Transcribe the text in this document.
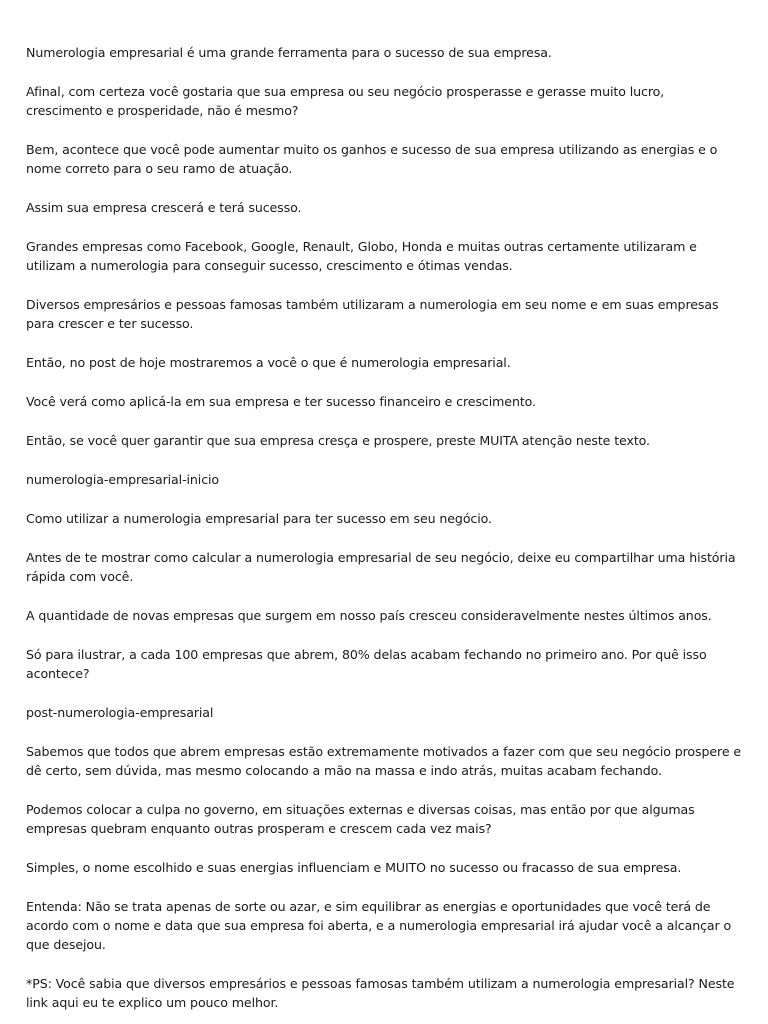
Numerologia empresarial é uma grande ferramenta para o sucesso de sua empresa.

Afinal, com certeza você gostaria que sua empresa ou seu negócio prosperasse e gerasse muito lucro, crescimento e prosperidade, não é mesmo?

Bem, acontece que você pode aumentar muito os ganhos e sucesso de sua empresa utilizando as energias e o nome correto para o seu ramo de atuação.

Assim sua empresa crescerá e terá sucesso.

Grandes empresas como Facebook, Google, Renault, Globo, Honda e muitas outras certamente utilizaram e utilizam a numerologia para conseguir sucesso, crescimento e ótimas vendas.

Diversos empresários e pessoas famosas também utilizaram a numerologia em seu nome e em suas empresas para crescer e ter sucesso.

Então, no post de hoje mostraremos a você o que é numerologia empresarial.

Você verá como aplicá-la em sua empresa e ter sucesso financeiro e crescimento.

Então, se você quer garantir que sua empresa cresça e prospere, preste MUITA atenção neste texto.

numerologia-empresarial-inicio

Como utilizar a numerologia empresarial para ter sucesso em seu negócio.

Antes de te mostrar como calcular a numerologia empresarial de seu negócio, deixe eu compartilhar uma história rápida com você.

A quantidade de novas empresas que surgem em nosso país cresceu consideravelmente nestes últimos anos.

Só para ilustrar, a cada 100 empresas que abrem, 80% delas acabam fechando no primeiro ano. Por quê isso acontece?

post-numerologia-empresarial

Sabemos que todos que abrem empresas estão extremamente motivados a fazer com que seu negócio prospere e dê certo, sem dúvida, mas mesmo colocando a mão na massa e indo atrás, muitas acabam fechando.

Podemos colocar a culpa no governo, em situações externas e diversas coisas, mas então por que algumas empresas quebram enquanto outras prosperam e crescem cada vez mais?

Simples, o nome escolhido e suas energias influenciam e MUITO no sucesso ou fracasso de sua empresa.

Entenda: Não se trata apenas de sorte ou azar, e sim equilibrar as energias e oportunidades que você terá de acordo com o nome e data que sua empresa foi aberta, e a numerologia empresarial irá ajudar você a alcançar o que desejou.

*PS: Você sabia que diversos empresários e pessoas famosas também utilizam a numerologia empresarial? Neste link aqui eu te explico um pouco melhor.
